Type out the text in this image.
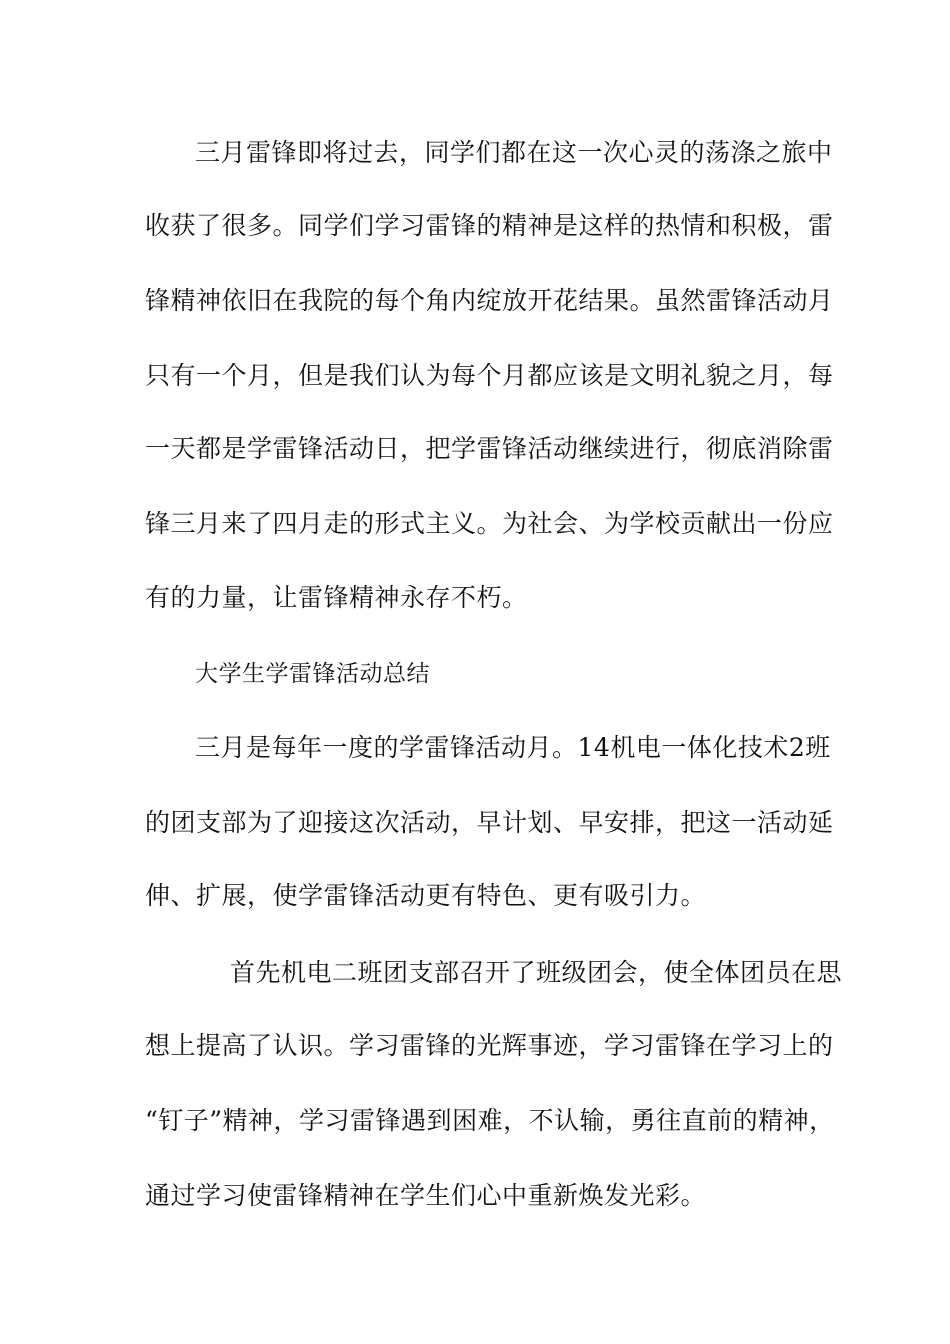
三月雷锋即将过去，同学们都在这一次心灵的荡涤之旅中
收获了很多。同学们学习雷锋的精神是这样的热情和积极，雷
锋精神依旧在我院的每个角内绽放开花结果。虽然雷锋活动月
只有一个月，但是我们认为每个月都应该是文明礼貌之月，每
一天都是学雷锋活动日，把学雷锋活动继续进行，彻底消除雷
锋三月来了四月走的形式主义。为社会、为学校贡献出一份应
有的力量，让雷锋精神永存不朽。
大学生学雷锋活动总结
三月是每年一度的学雷锋活动月。14机电一体化技术2班
的团支部为了迎接这次活动，早计划、早安排，把这一活动延
伸、扩展，使学雷锋活动更有特色、更有吸引力。
首先机电二班团支部召开了班级团会，使全体团员在思
想上提高了认识。学习雷锋的光辉事迹，学习雷锋在学习上的
“钉子”精神，学习雷锋遇到困难，不认输，勇往直前的精神，
通过学习使雷锋精神在学生们心中重新焕发光彩。
